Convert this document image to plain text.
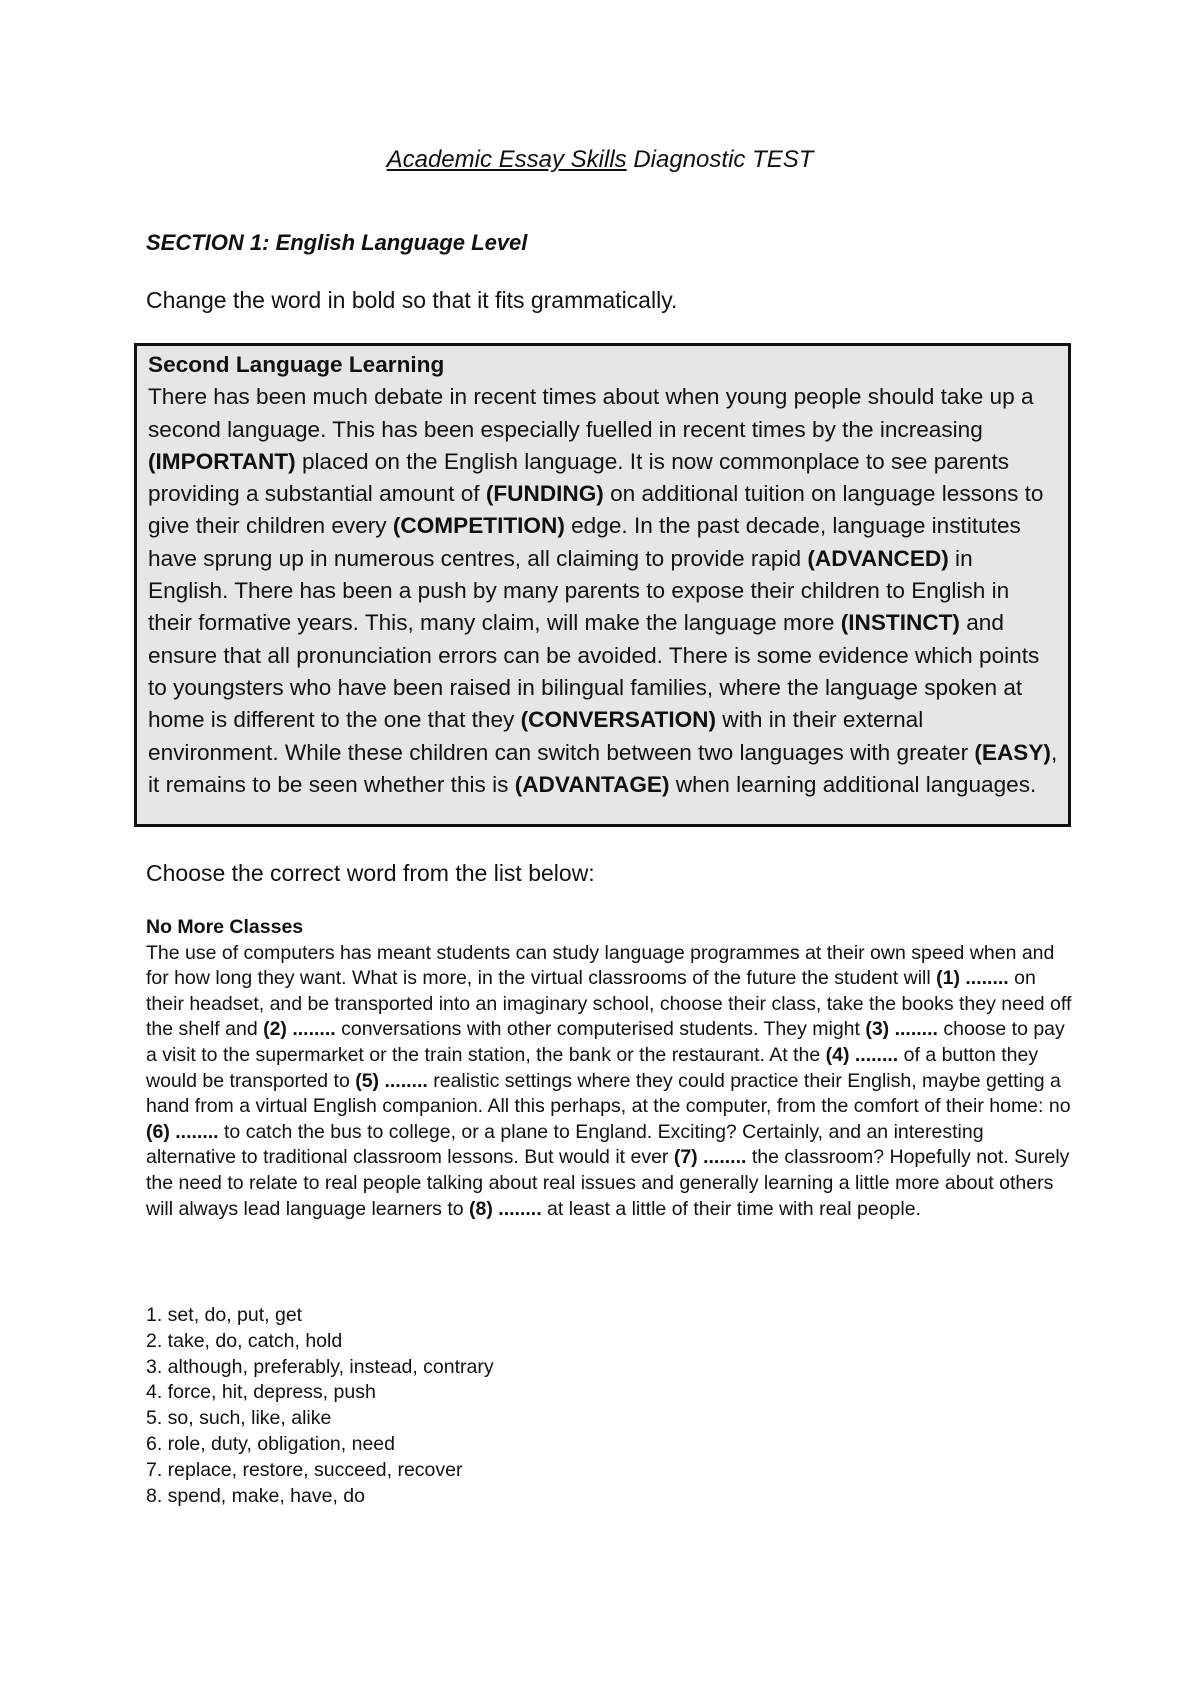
Academic Essay Skills Diagnostic TEST
SECTION 1: English Language Level
Change the word in bold so that it fits grammatically.
Second Language Learning
There has been much debate in recent times about when young people should take up a second language. This has been especially fuelled in recent times by the increasing (IMPORTANT) placed on the English language. It is now commonplace to see parents providing a substantial amount of (FUNDING) on additional tuition on language lessons to give their children every (COMPETITION) edge. In the past decade, language institutes have sprung up in numerous centres, all claiming to provide rapid (ADVANCED) in English. There has been a push by many parents to expose their children to English in their formative years. This, many claim, will make the language more (INSTINCT) and ensure that all pronunciation errors can be avoided. There is some evidence which points to youngsters who have been raised in bilingual families, where the language spoken at home is different to the one that they (CONVERSATION) with in their external environment. While these children can switch between two languages with greater (EASY), it remains to be seen whether this is (ADVANTAGE) when learning additional languages.
Choose the correct word from the list below:
No More Classes
The use of computers has meant students can study language programmes at their own speed when and for how long they want. What is more, in the virtual classrooms of the future the student will (1) ........ on their headset, and be transported into an imaginary school, choose their class, take the books they need off the shelf and (2) ........ conversations with other computerised students. They might (3) ........ choose to pay a visit to the supermarket or the train station, the bank or the restaurant. At the (4) ........ of a button they would be transported to (5) ........ realistic settings where they could practice their English, maybe getting a hand from a virtual English companion. All this perhaps, at the computer, from the comfort of their home: no (6) ........ to catch the bus to college, or a plane to England. Exciting? Certainly, and an interesting alternative to traditional classroom lessons. But would it ever (7) ........ the classroom? Hopefully not. Surely the need to relate to real people talking about real issues and generally learning a little more about others will always lead language learners to (8) ........ at least a little of their time with real people.
1. set, do, put, get
2. take, do, catch, hold
3. although, preferably, instead, contrary
4. force, hit, depress, push
5. so, such, like, alike
6. role, duty, obligation, need
7. replace, restore, succeed, recover
8. spend, make, have, do
